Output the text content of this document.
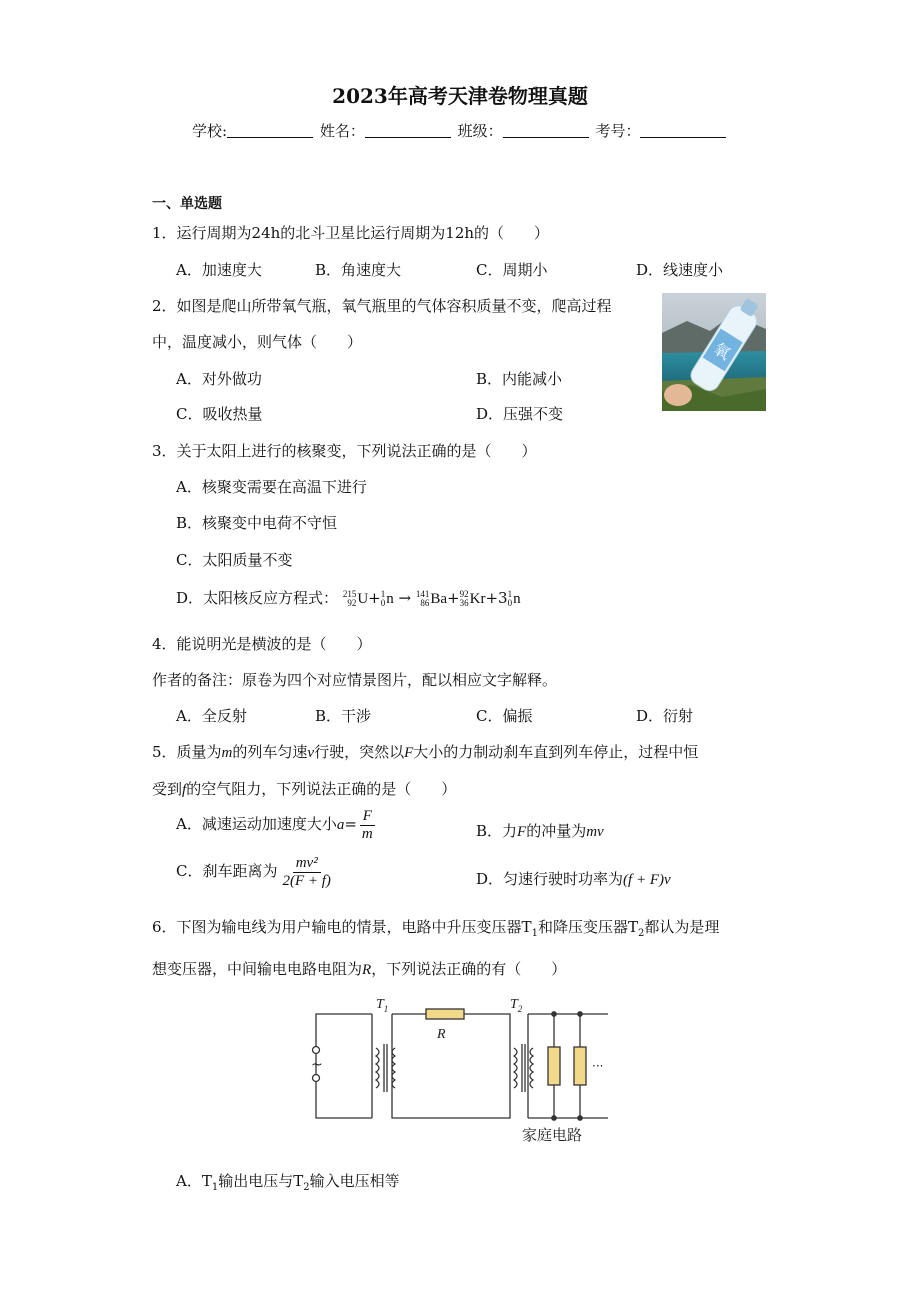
2023年高考天津卷物理真题
学校:	姓名：	班级：	考号：
一、单选题
1．运行周期为24h的北斗卫星比运行周期为12h的（　　）
A．加速度大	B．角速度大	C．周期小	D．线速度小
2．如图是爬山所带氧气瓶，氧气瓶里的气体容积质量不变，爬高过程
中，温度减小，则气体（　　）
A．对外做功	B．内能减小
C．吸收热量	D．压强不变
氧
3．关于太阳上进行的核聚变，下列说法正确的是（　　）
A．核聚变需要在高温下进行
B．核聚变中电荷不守恒
C．太阳质量不变
D．太阳核反应方程式： 215
92 U + 1
0 n → 141
86 Ba + 92
36 Kr +3 1
0 n
4．能说明光是横波的是（　　）
作者的备注：原卷为四个对应情景图片，配以相应文字解释。
A．全反射	B．干涉	C．偏振	D．衍射
5．质量为m的列车匀速v行驶，突然以F大小的力制动刹车直到列车停止，过程中恒
受到f的空气阻力，下列说法正确的是（　　）
A．减速运动加速度大小$a= \frac{F}{m}$	B．力F的冲量为mv
C．刹车距离为 $\frac{\text{mv²}}{2(F + f)}$	D．匀速行驶时功率为(f + F)v
6．下图为输电线为用户输电的情景，电路中升压变压器$T_1$和降压变压器$T_2$都认为是理
想变压器，中间输电电路电阻为R，下列说法正确的有（　　）
$T_1$	$T_2$
R
~	···
家庭电路
A．$T_1$输出电压与$T_2$输入电压相等
